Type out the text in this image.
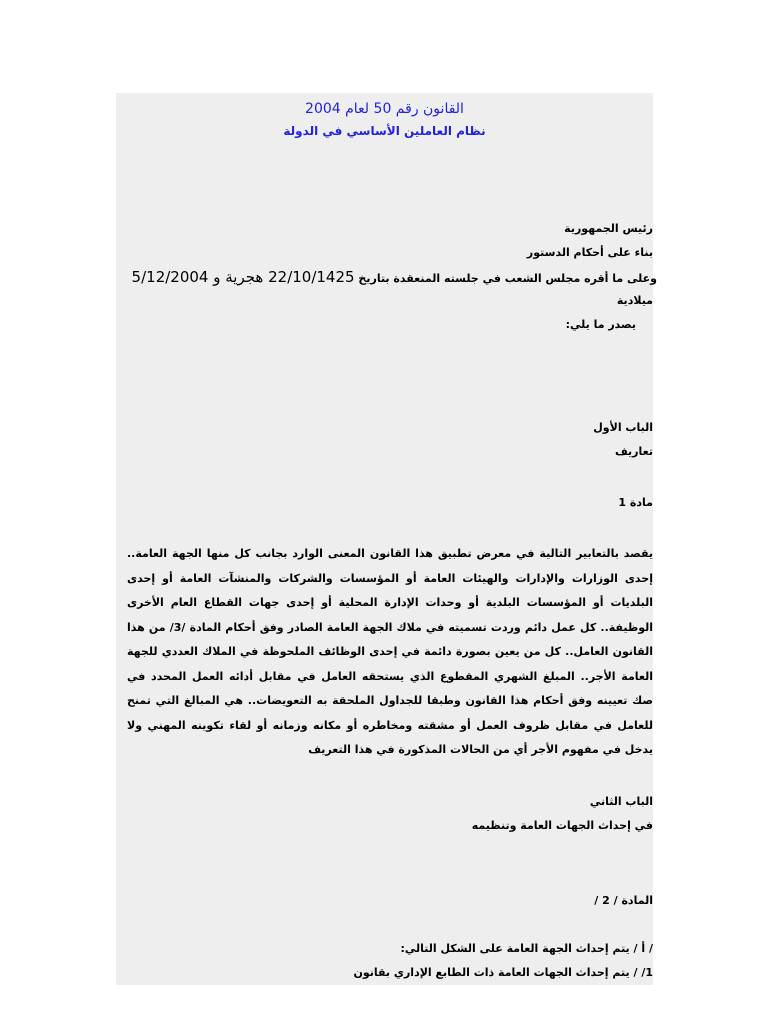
القانون رقم 50 لعام 2004
نظام العاملين الأساسي في الدولة
رئيس الجمهورية
بناء على أحكام الدستور
وعلى ما أقره مجلس الشعب في جلسته المنعقدة بتاريخ 22/10/1425 هجرية و 5/12/2004
ميلادية
يصدر ما يلي:
الباب الأول
تعاريف
مادة 1
يقصد بالتعابير التالية في معرض تطبيق هذا القانون المعنى الوارد بجانب كل منها الجهة العامة.. إحدى الوزارات والإدارات والهيئات العامة أو المؤسسات والشركات والمنشآت العامة أو إحدى البلديات أو المؤسسات البلدية أو وحدات الإدارة المحلية أو إحدى جهات القطاع العام الأخرى الوظيفة.. كل عمل دائم وردت تسميته في ملاك الجهة العامة الصادر وفق أحكام المادة /3/ من هذا القانون العامل.. كل من يعين بصورة دائمة في إحدى الوظائف الملحوظة في الملاك العددي للجهة العامة الأجر.. المبلغ الشهري المقطوع الذي يستحقه العامل في مقابل أدائه العمل المحدد في صك تعيينه وفق أحكام هذا القانون وطبقا للجداول الملحقة به التعويضات.. هي المبالغ التي تمنح للعامل في مقابل ظروف العمل أو مشقته ومخاطره أو مكانه وزمانه أو لقاء تكوينه المهني ولا يدخل في مفهوم الأجر أي من الحالات المذكورة في هذا التعريف
الباب الثاني
في إحداث الجهات العامة وتنظيمه
المادة / 2 /
/ أ / يتم إحداث الجهة العامة على الشكل التالي:
1/ / يتم إحداث الجهات العامة ذات الطابع الإداري بقانون
